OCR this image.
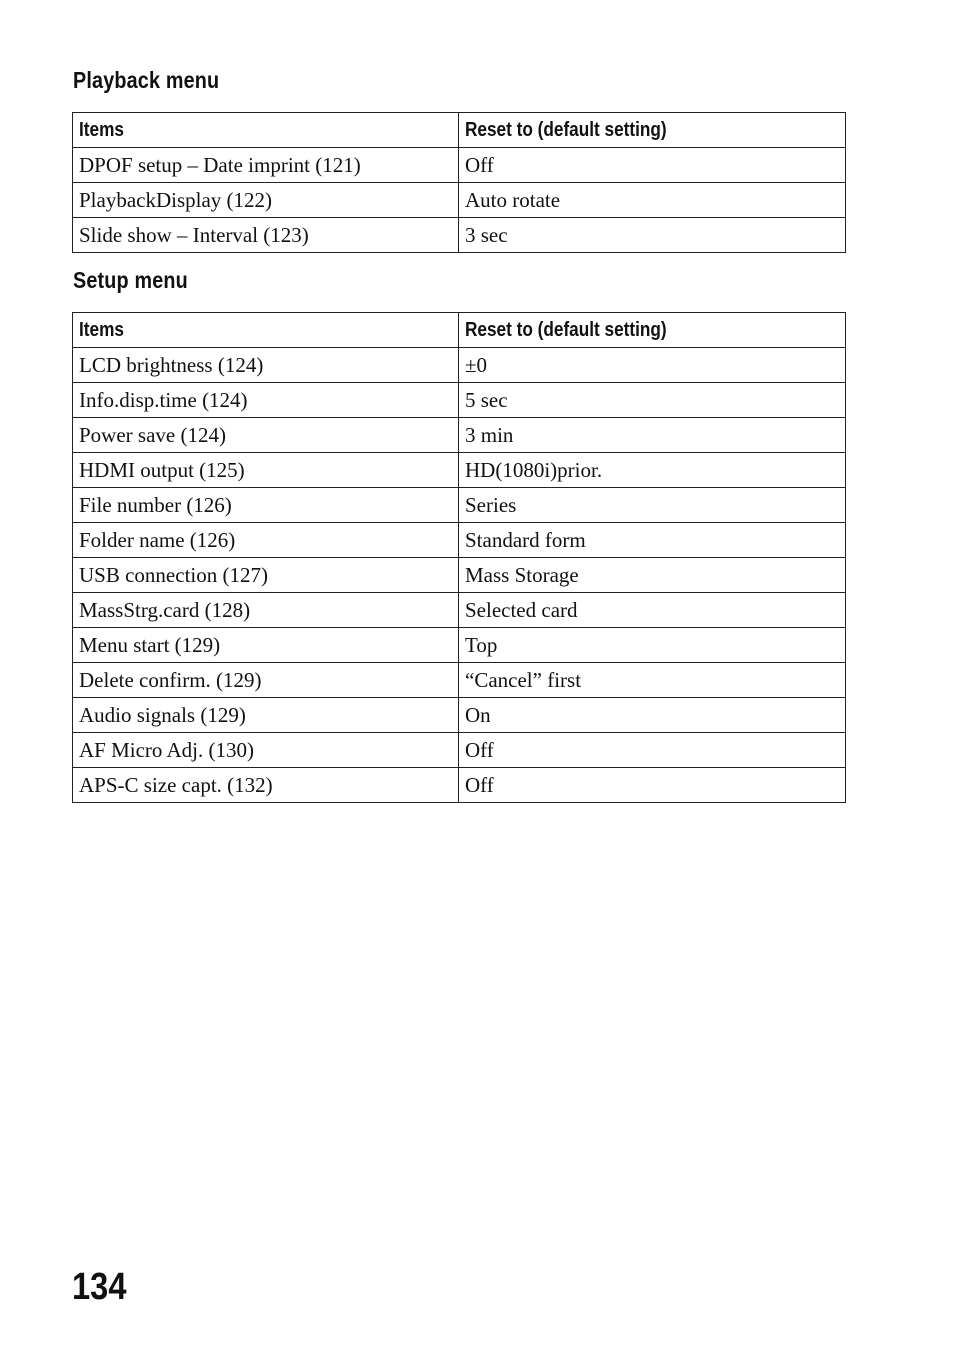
Playback menu
Items	Reset to (default setting)
DPOF setup – Date imprint (121)	Off
PlaybackDisplay (122)	Auto rotate
Slide show – Interval (123)	3 sec
Setup menu
Items	Reset to (default setting)
LCD brightness (124)	±0
Info.disp.time (124)	5 sec
Power save (124)	3 min
HDMI output (125)	HD(1080i)prior.
File number (126)	Series
Folder name (126)	Standard form
USB connection (127)	Mass Storage
MassStrg.card (128)	Selected card
Menu start (129)	Top
Delete confirm. (129)	“Cancel” first
Audio signals (129)	On
AF Micro Adj. (130)	Off
APS-C size capt. (132)	Off
134
